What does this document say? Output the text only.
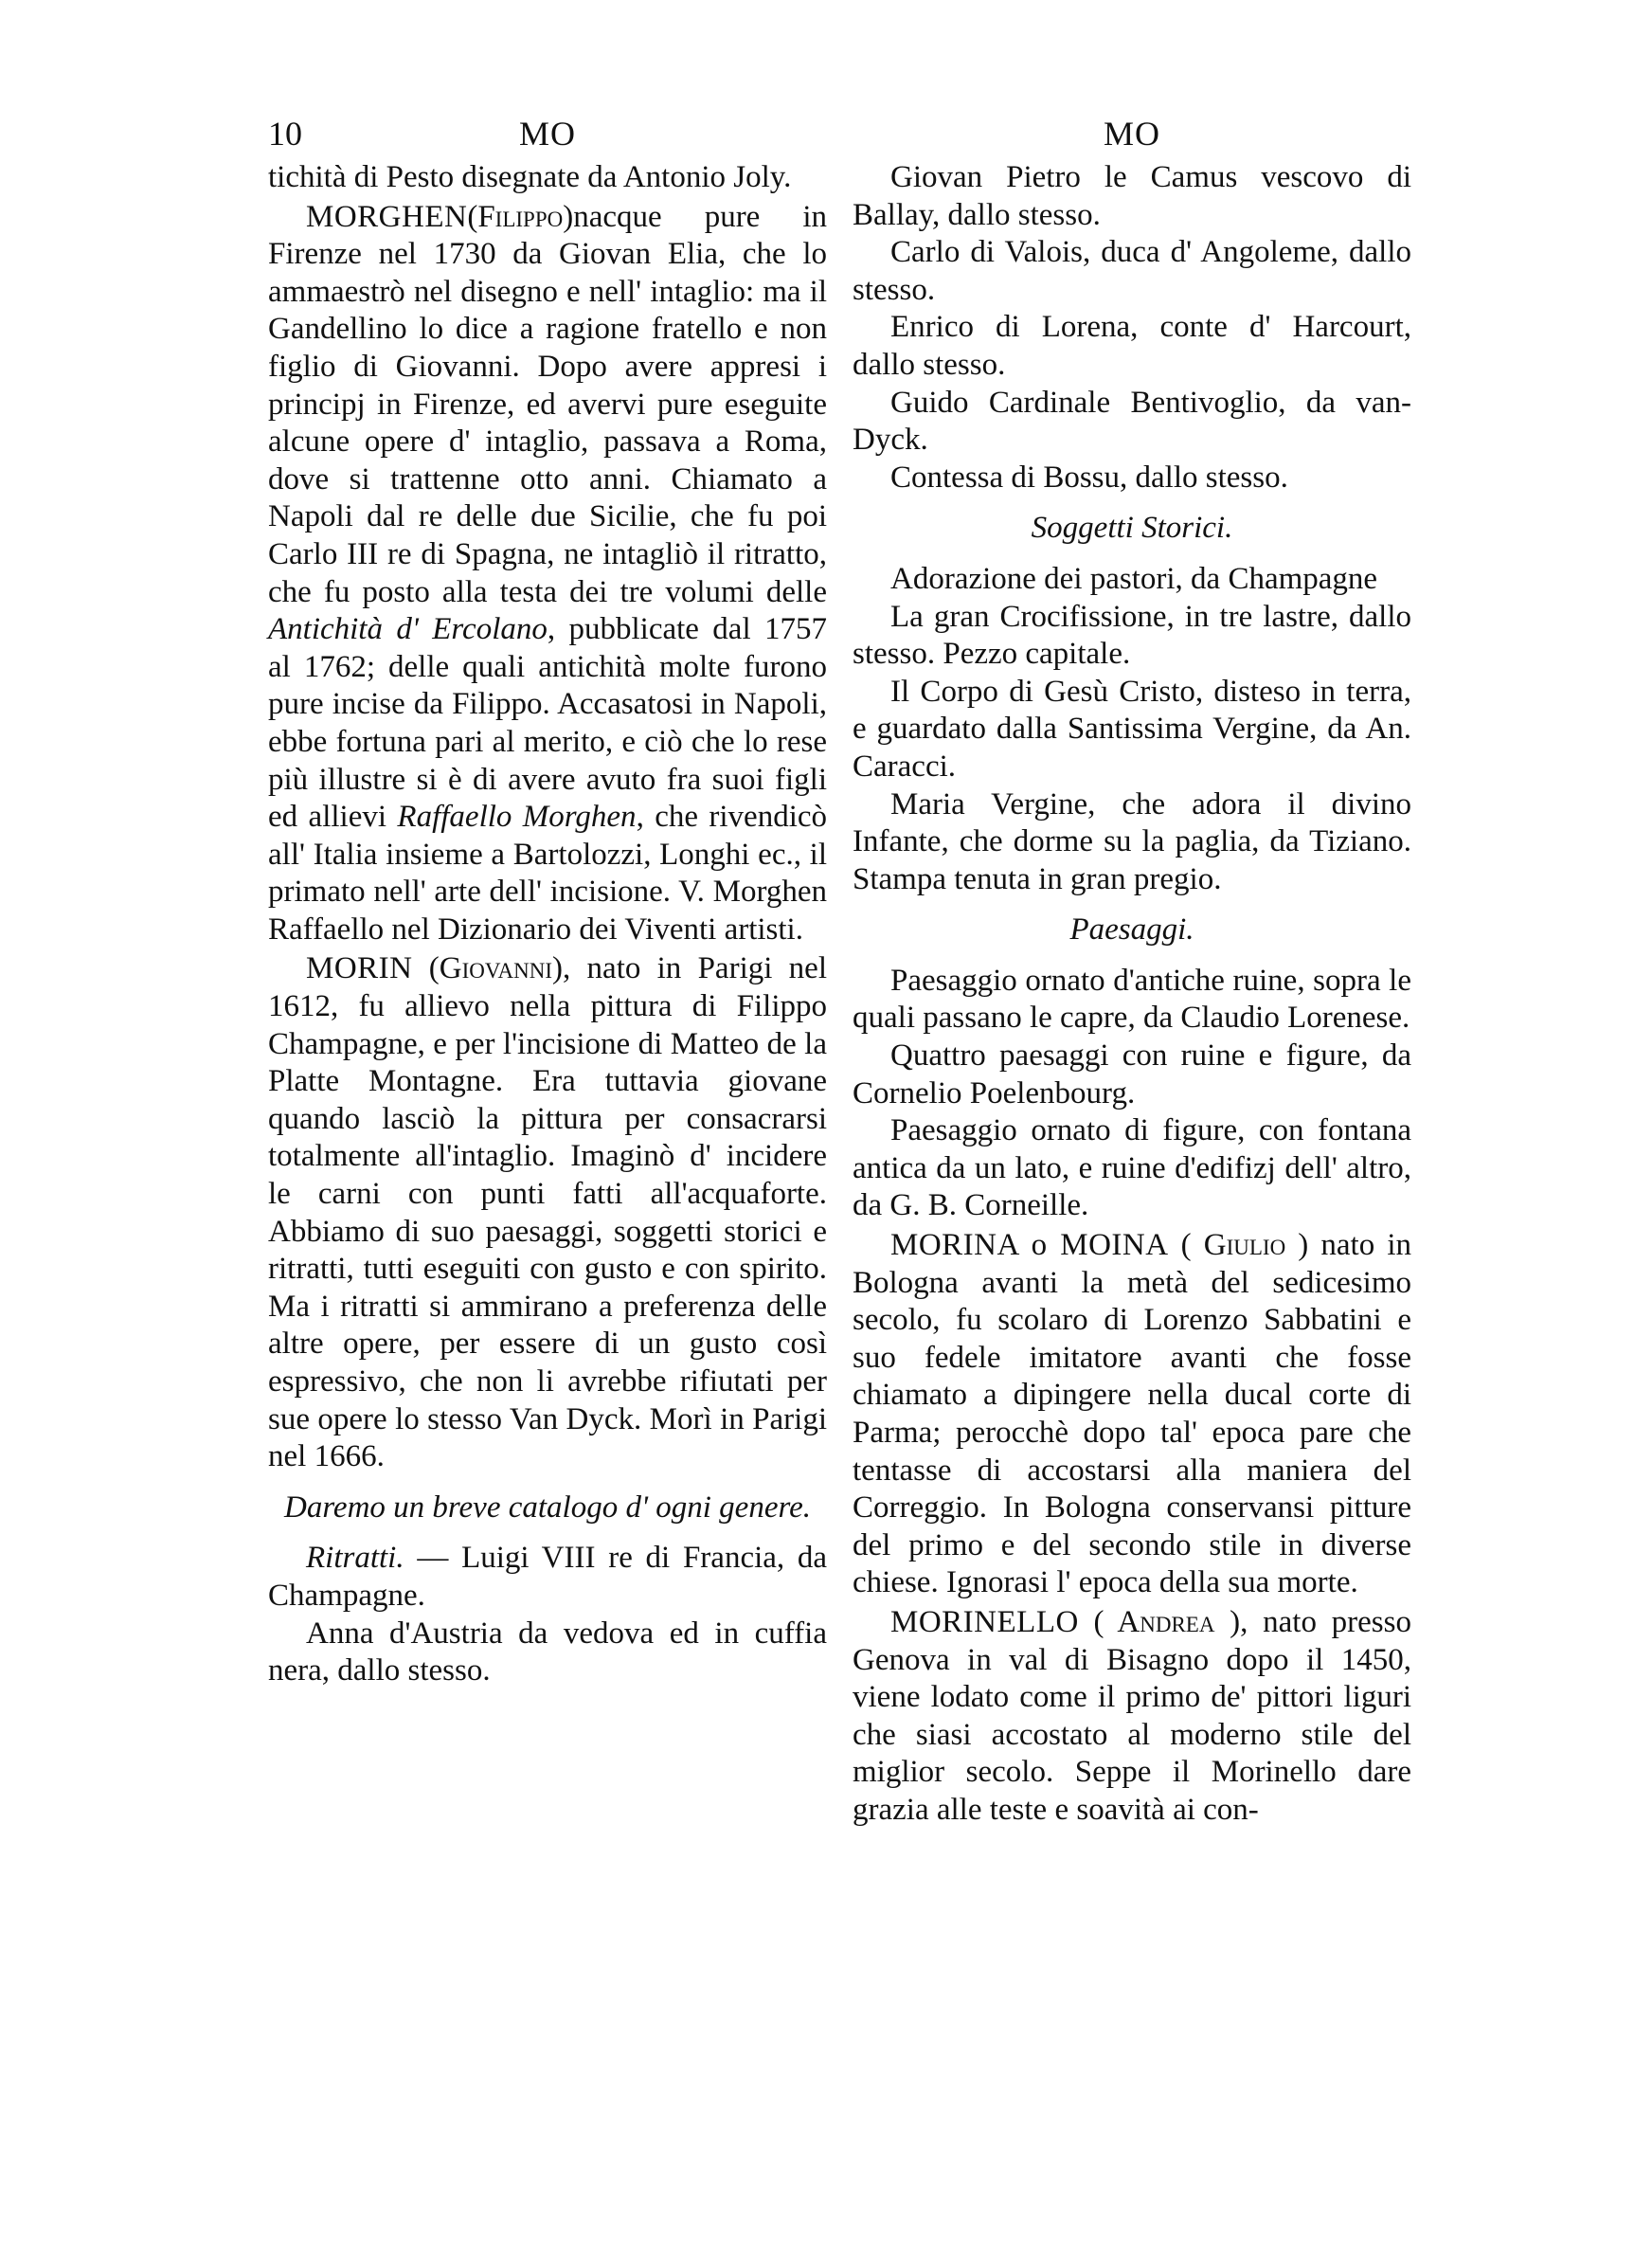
10	MO

tichità di Pesto disegnate da Antonio Joly.

MORGHEN(Filippo)nacque pure in Firenze nel 1730 da Giovan Elia, che lo ammaestrò nel disegno e nell' intaglio: ma il Gandellino lo dice a ragione fratello e non figlio di Giovanni. Dopo avere appresi i principj in Firenze, ed avervi pure eseguite alcune opere d' intaglio, passava a Roma, dove si trattenne otto anni. Chiamato a Napoli dal re delle due Sicilie, che fu poi Carlo III re di Spagna, ne intagliò il ritratto, che fu posto alla testa dei tre volumi delle Antichità d' Ercolano, pubblicate dal 1757 al 1762; delle quali antichità molte furono pure incise da Filippo. Accasatosi in Napoli, ebbe fortuna pari al merito, e ciò che lo rese più illustre si è di avere avuto fra suoi figli ed allievi Raffaello Morghen, che rivendicò all' Italia insieme a Bartolozzi, Longhi ec., il primato nell' arte dell' incisione. V. Morghen Raffaello nel Dizionario dei Viventi artisti.

MORIN (Giovanni), nato in Parigi nel 1612, fu allievo nella pittura di Filippo Champagne, e per l'incisione di Matteo de la Platte Montagne. Era tuttavia giovane quando lasciò la pittura per consacrarsi totalmente all'intaglio. Imaginò d' incidere le carni con punti fatti all'acquaforte. Abbiamo di suo paesaggi, soggetti storici e ritratti, tutti eseguiti con gusto e con spirito. Ma i ritratti si ammirano a preferenza delle altre opere, per essere di un gusto così espressivo, che non li avrebbe rifiutati per sue opere lo stesso Van Dyck. Morì in Parigi nel 1666.

Daremo un breve catalogo d' ogni genere.

Ritratti. — Luigi VIII re di Francia, da Champagne.

Anna d'Austria da vedova ed in cuffia nera, dallo stesso.

MO

Giovan Pietro le Camus vescovo di Ballay, dallo stesso.

Carlo di Valois, duca d' Angoleme, dallo stesso.

Enrico di Lorena, conte d' Harcourt, dallo stesso.

Guido Cardinale Bentivoglio, da van-Dyck.

Contessa di Bossu, dallo stesso.

Soggetti Storici.

Adorazione dei pastori, da Champagne

La gran Crocifissione, in tre lastre, dallo stesso. Pezzo capitale.

Il Corpo di Gesù Cristo, disteso in terra, e guardato dalla Santissima Vergine, da An. Caracci.

Maria Vergine, che adora il divino Infante, che dorme su la paglia, da Tiziano. Stampa tenuta in gran pregio.

Paesaggi.

Paesaggio ornato d'antiche ruine, sopra le quali passano le capre, da Claudio Lorenese.

Quattro paesaggi con ruine e figure, da Cornelio Poelenbourg.

Paesaggio ornato di figure, con fontana antica da un lato, e ruine d'edifizj dell' altro, da G. B. Corneille.

MORINA o MOINA ( Giulio ) nato in Bologna avanti la metà del sedicesimo secolo, fu scolaro di Lorenzo Sabbatini e suo fedele imitatore avanti che fosse chiamato a dipingere nella ducal corte di Parma; perocchè dopo tal' epoca pare che tentasse di accostarsi alla maniera del Correggio. In Bologna conservansi pitture del primo e del secondo stile in diverse chiese. Ignorasi l' epoca della sua morte.

MORINELLO ( Andrea ), nato presso Genova in val di Bisagno dopo il 1450, viene lodato come il primo de' pittori liguri che siasi accostato al moderno stile del miglior secolo. Seppe il Morinello dare grazia alle teste e soavità ai con-
